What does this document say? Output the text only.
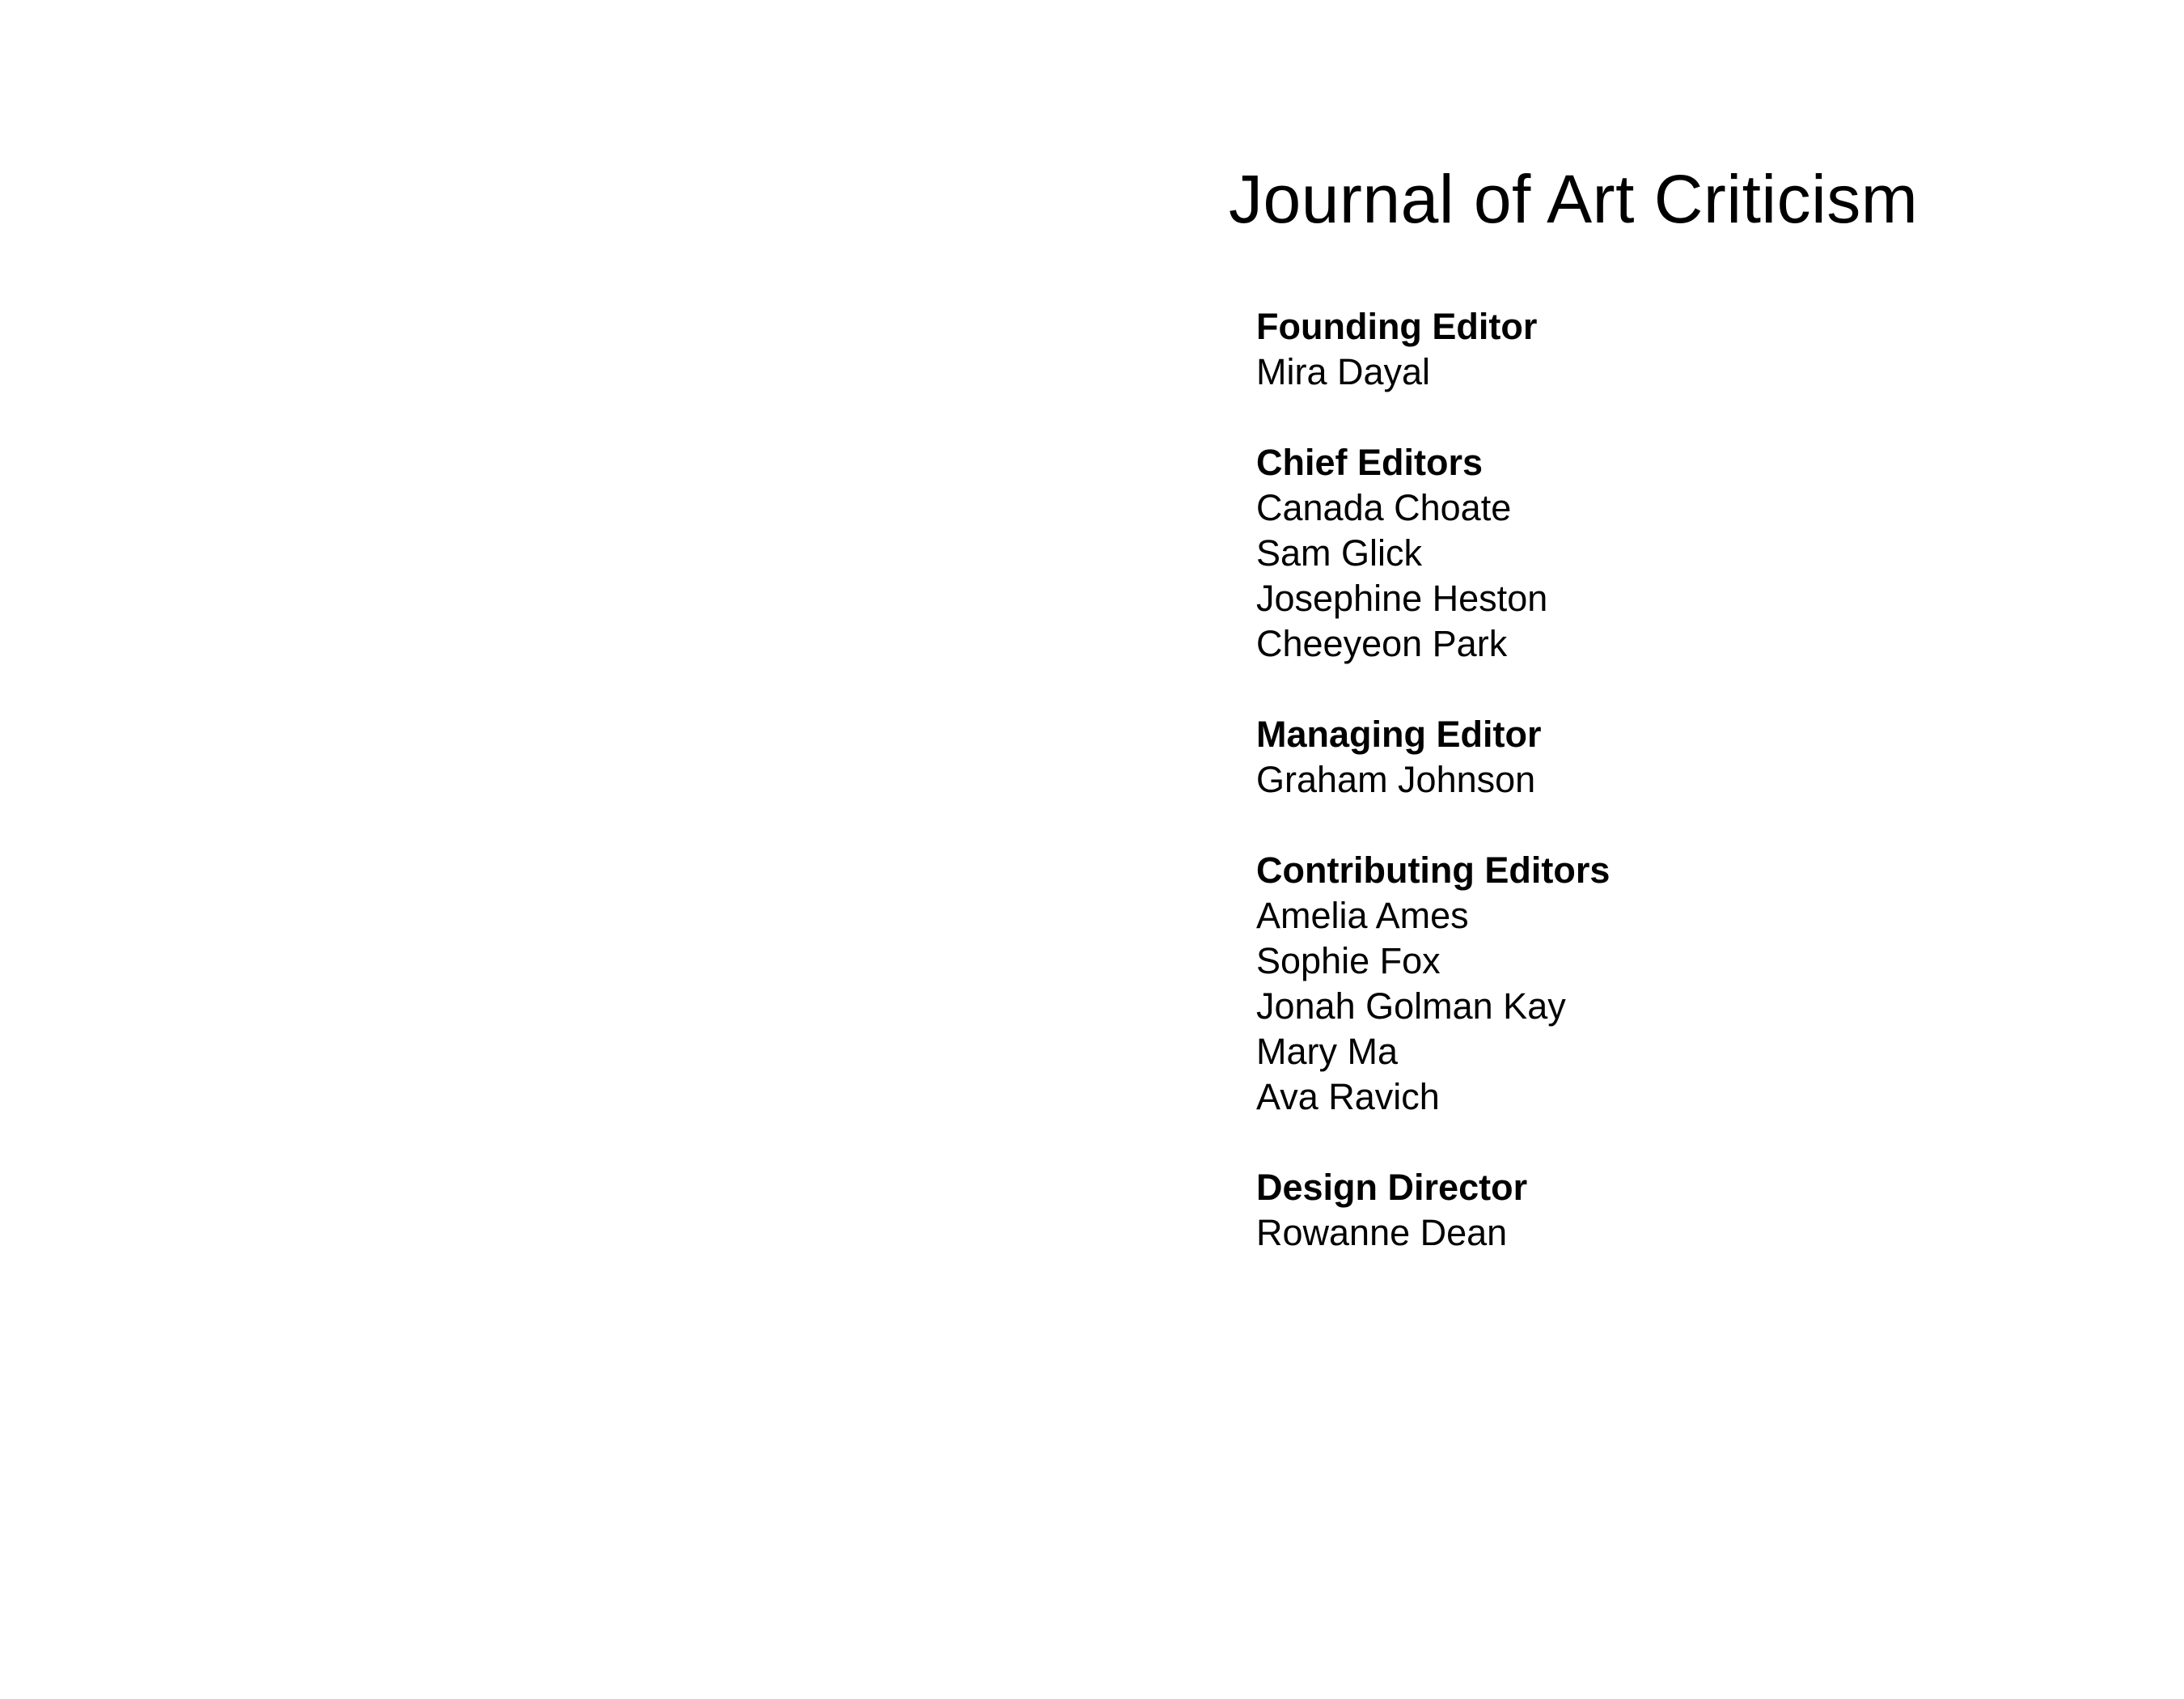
Journal of Art Criticism
Founding Editor
Mira Dayal
Chief Editors
Canada Choate
Sam Glick
Josephine Heston
Cheeyeon Park
Managing Editor
Graham Johnson
Contributing Editors
Amelia Ames
Sophie Fox
Jonah Golman Kay
Mary Ma
Ava Ravich
Design Director
Rowanne Dean
